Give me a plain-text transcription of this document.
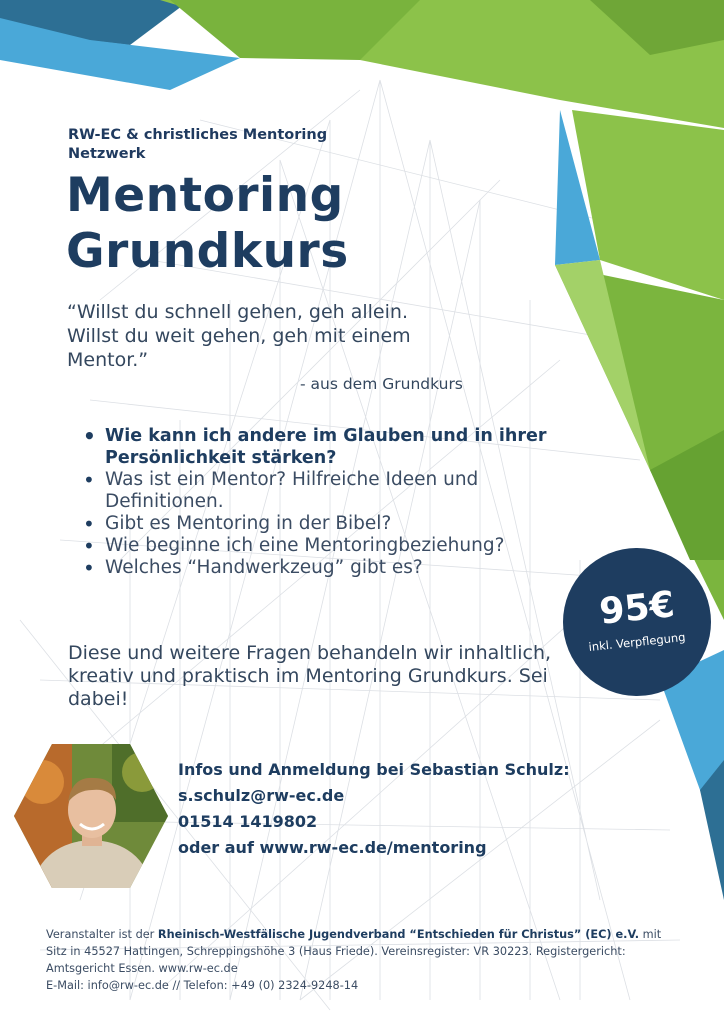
RW-EC & christliches Mentoring Netzwerk
Mentoring
Grundkurs
“Willst du schnell gehen, geh allein.
Willst du weit gehen, geh mit einem
Mentor.”
- aus dem Grundkurs
• Wie kann ich andere im Glauben und in ihrer Persönlichkeit stärken?
• Was ist ein Mentor? Hilfreiche Ideen und Definitionen.
• Gibt es Mentoring in der Bibel?
• Wie beginne ich eine Mentoringbeziehung?
• Welches “Handwerkzeug” gibt es?
Diese und weitere Fragen behandeln wir inhaltlich, kreativ und praktisch im Mentoring Grundkurs. Sei dabei!
95€
inkl. Verpflegung
Infos und Anmeldung bei Sebastian Schulz:
s.schulz@rw-ec.de
01514 1419802
oder auf www.rw-ec.de/mentoring
Veranstalter ist der Rheinisch-Westfälische Jugendverband “Entschieden für Christus” (EC) e.V. mit Sitz in 45527 Hattingen, Schreppingshöhe 3 (Haus Friede). Vereinsregister: VR 30223. Registergericht: Amtsgericht Essen. www.rw-ec.de
E-Mail: info@rw-ec.de // Telefon: +49 (0) 2324-9248-14
